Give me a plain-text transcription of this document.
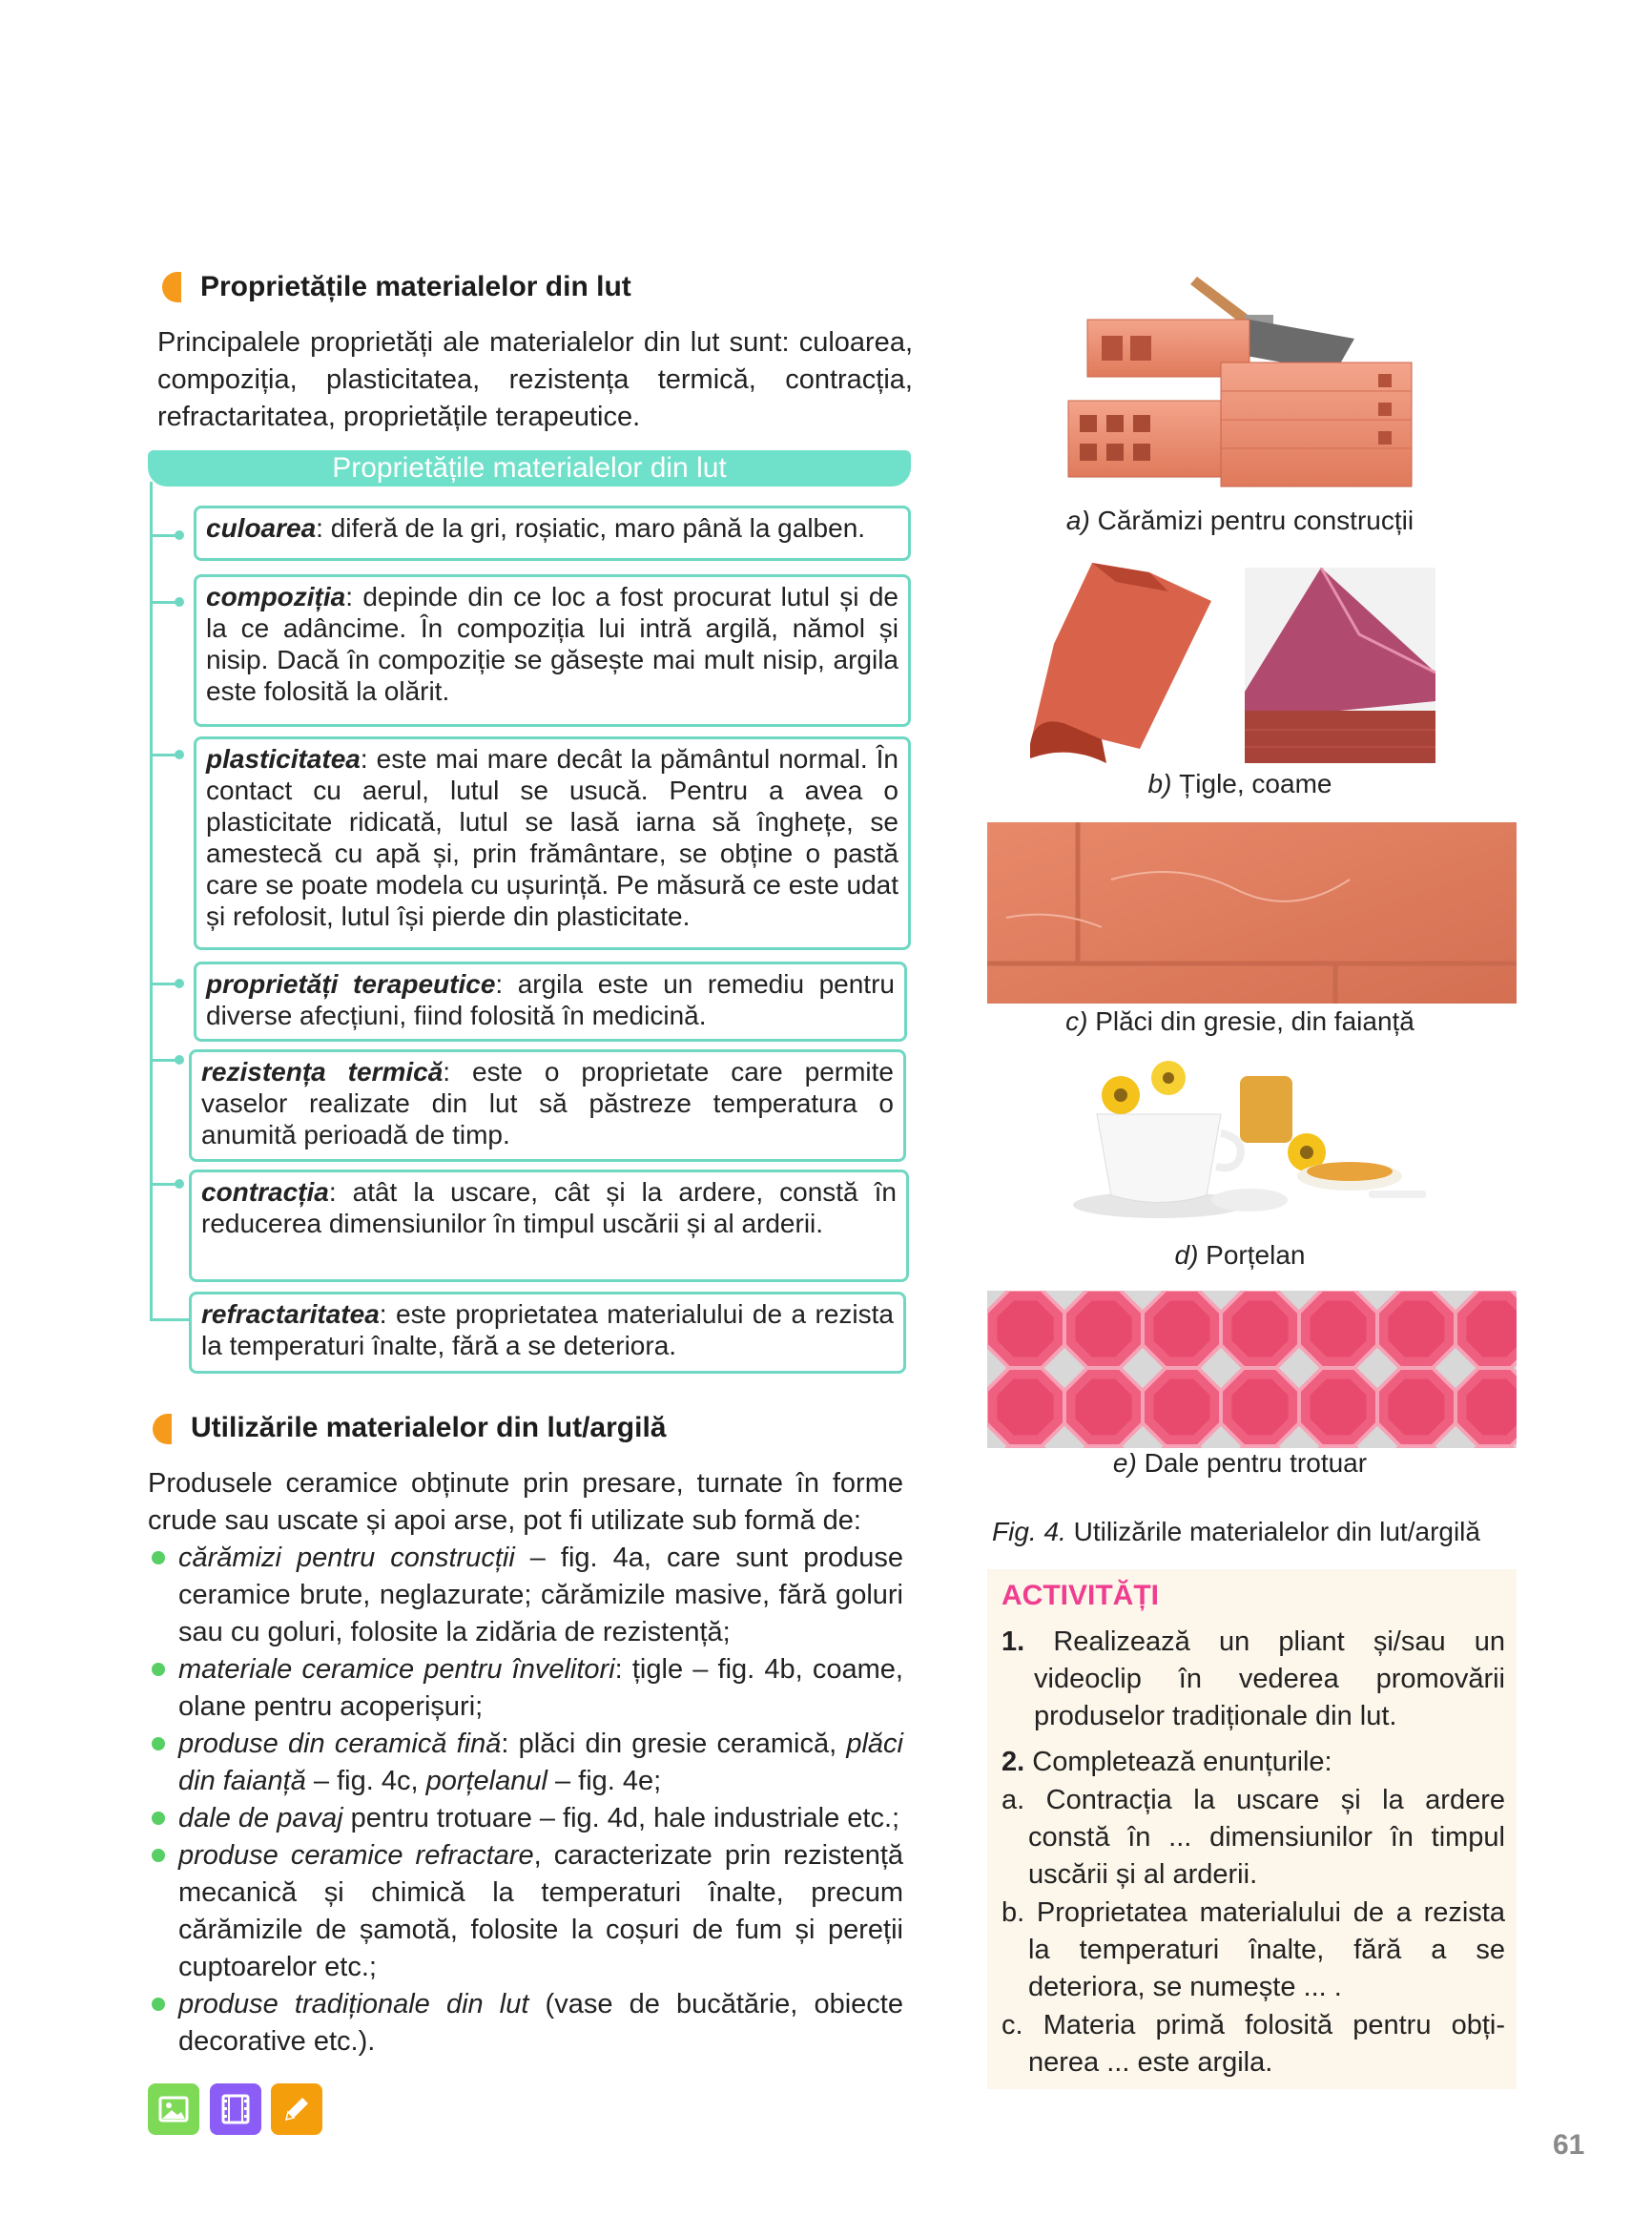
Proprietățile materialelor din lut
Principalele proprietăți ale materialelor din lut sunt: culoarea, compoziția, plasticitatea, rezistența termică, contracția, refractaritatea, proprietățile terapeutice.
Proprietățile materialelor din lut
culoarea: diferă de la gri, roșiatic, maro până la galben.
compoziția: depinde din ce loc a fost procurat lutul și de la ce adâncime. În compoziția lui intră argilă, nămol și nisip. Dacă în compoziție se găsește mai mult nisip, argila este folosită la olărit.
plasticitatea: este mai mare decât la pământul normal. În contact cu aerul, lutul se usucă. Pentru a avea o plasticitate ridicată, lutul se lasă iarna să înghețe, se amestecă cu apă și, prin frământare, se obține o pastă care se poate modela cu ușurință. Pe măsură ce este udat și refolosit, lutul își pierde din plasticitate.
proprietăți terapeutice: argila este un remediu pentru diverse afecțiuni, fiind folosită în medicină.
rezistența termică: este o proprietate care permite vaselor realizate din lut să păstreze temperatura o anumită perioadă de timp.
contracția: atât la uscare, cât și la ardere, constă în reducerea dimensiunilor în timpul uscării și al arderii.
refractaritatea: este proprietatea materialului de a rezista la temperaturi înalte, fără a se deteriora.
Utilizările materialelor din lut/argilă
Produsele ceramice obținute prin presare, turnate în forme crude sau uscate și apoi arse, pot fi utilizate sub formă de:
cărămizi pentru construcții – fig. 4a, care sunt produse ceramice brute, neglazurate; cărămizile masive, fără goluri sau cu goluri, folosite la zidăria de rezistență;
materiale ceramice pentru învelitori: țigle – fig. 4b, coame, olane pentru acoperișuri;
produse din ceramică fină: plăci din gresie ceramică, plăci din faianță – fig. 4c, porțelanul – fig. 4e;
dale de pavaj pentru trotuare – fig. 4d, hale industriale etc.;
produse ceramice refractare, caracterizate prin rezistență mecanică și chimică la temperaturi înalte, precum cărămizile de șamotă, folosite la coșuri de fum și pereții cuptoarelor etc.;
produse tradiționale din lut (vase de bucătărie, obiecte decorative etc.).
a) Cărămizi pentru construcții
b) Țigle, coame
c) Plăci din gresie, din faianță
d) Porțelan
e) Dale pentru trotuar
Fig. 4. Utilizările materialelor din lut/argilă
ACTIVITĂȚI
1. Realizează un pliant și/sau un videoclip în vederea promovării produselor tradiționale din lut.
2. Completează enunțurile:
a. Contracția la uscare și la ardere constă în ... dimensiunilor în timpul uscării și al arderii.
b. Proprietatea materialului de a rezista la temperaturi înalte, fără a se deteriora, se numește ... .
c. Materia primă folosită pentru obți-nerea ... este argila.
61
